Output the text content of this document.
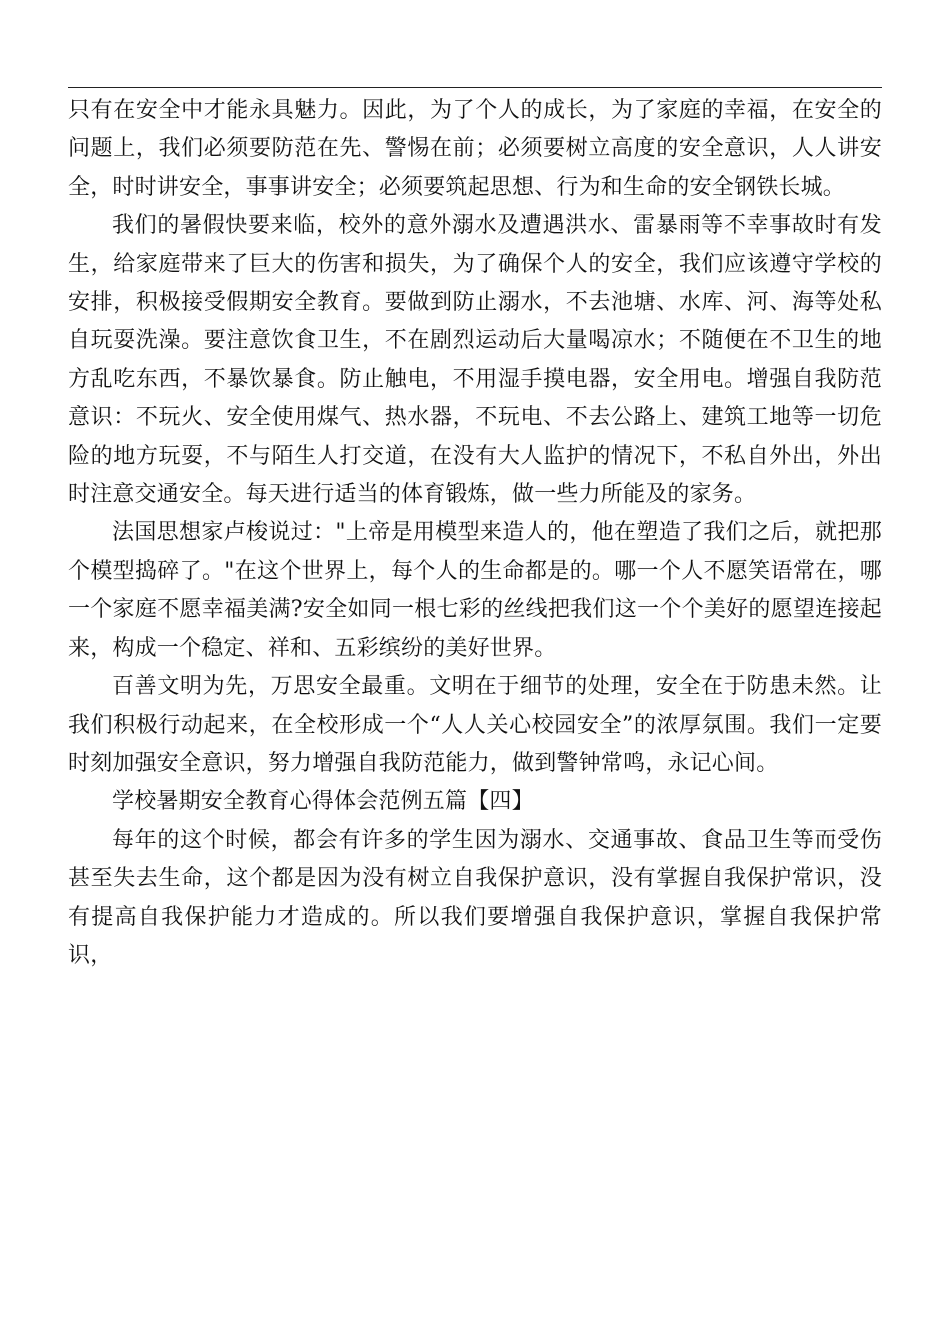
只有在安全中才能永具魅力。因此，为了个人的成长，为了家庭的幸福，在安全的问题上，我们必须要防范在先、警惕在前；必须要树立高度的安全意识，人人讲安全，时时讲安全，事事讲安全；必须要筑起思想、行为和生命的安全钢铁长城。

我们的暑假快要来临，校外的意外溺水及遭遇洪水、雷暴雨等不幸事故时有发生，给家庭带来了巨大的伤害和损失，为了确保个人的安全，我们应该遵守学校的安排，积极接受假期安全教育。要做到防止溺水，不去池塘、水库、河、海等处私自玩耍洗澡。要注意饮食卫生，不在剧烈运动后大量喝凉水；不随便在不卫生的地方乱吃东西，不暴饮暴食。防止触电，不用湿手摸电器，安全用电。增强自我防范意识：不玩火、安全使用煤气、热水器，不玩电、不去公路上、建筑工地等一切危险的地方玩耍，不与陌生人打交道，在没有大人监护的情况下，不私自外出，外出时注意交通安全。每天进行适当的体育锻炼，做一些力所能及的家务。

法国思想家卢梭说过："上帝是用模型来造人的，他在塑造了我们之后，就把那个模型捣碎了。"在这个世界上，每个人的生命都是的。哪一个人不愿笑语常在，哪一个家庭不愿幸福美满?安全如同一根七彩的丝线把我们这一个个美好的愿望连接起来，构成一个稳定、祥和、五彩缤纷的美好世界。

百善文明为先，万思安全最重。文明在于细节的处理，安全在于防患未然。让我们积极行动起来，在全校形成一个“人人关心校园安全”的浓厚氛围。我们一定要时刻加强安全意识，努力增强自我防范能力，做到警钟常鸣，永记心间。

学校暑期安全教育心得体会范例五篇【四】

每年的这个时候，都会有许多的学生因为溺水、交通事故、食品卫生等而受伤甚至失去生命，这个都是因为没有树立自我保护意识，没有掌握自我保护常识，没有提高自我保护能力才造成的。所以我们要增强自我保护意识，掌握自我保护常识，
